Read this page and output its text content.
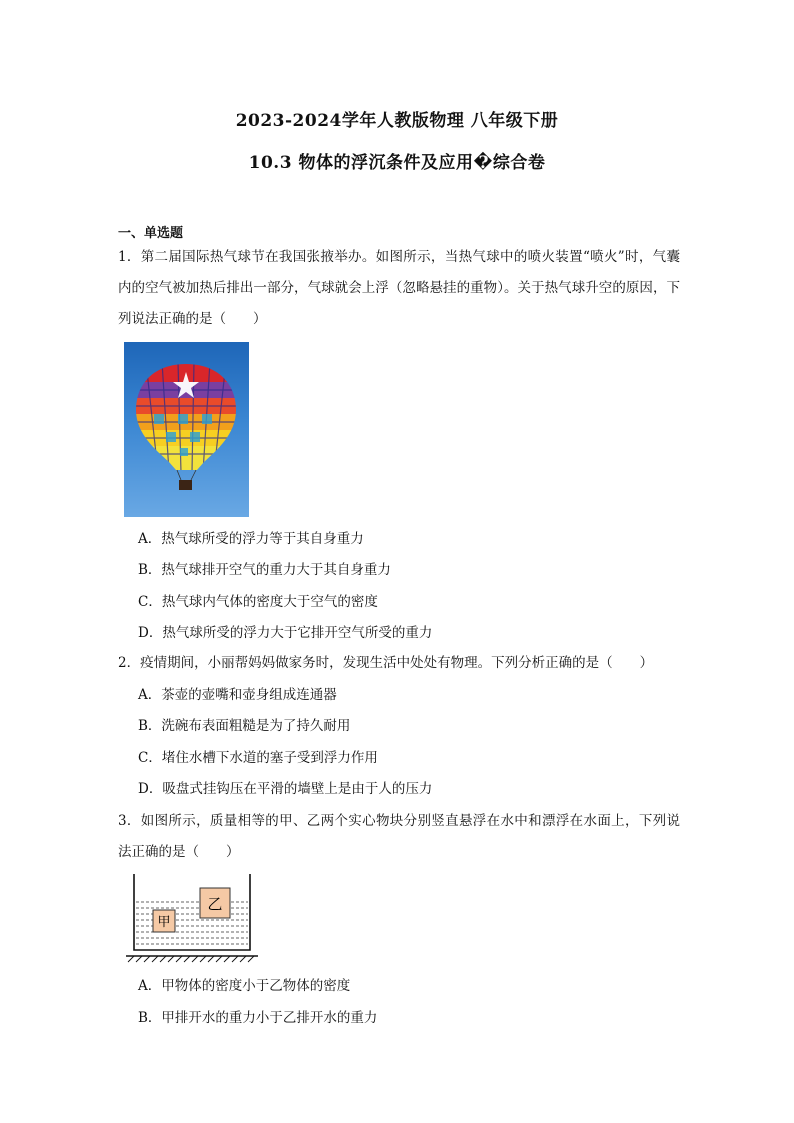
2023-2024学年人教版物理 八年级下册
10.3 物体的浮沉条件及应用�综合卷
一、单选题
1．第二届国际热气球节在我国张掖举办。如图所示，当热气球中的喷火装置“喷火”时，气囊内的空气被加热后排出一部分，气球就会上浮（忽略悬挂的重物）。关于热气球升空的原因，下列说法正确的是（　　）
A．热气球所受的浮力等于其自身重力
B．热气球排开空气的重力大于其自身重力
C．热气球内气体的密度大于空气的密度
D．热气球所受的浮力大于它排开空气所受的重力
2．疫情期间，小丽帮妈妈做家务时，发现生活中处处有物理。下列分析正确的是（　　）
A．茶壶的壶嘴和壶身组成连通器
B．洗碗布表面粗糙是为了持久耐用
C．堵住水槽下水道的塞子受到浮力作用
D．吸盘式挂钩压在平滑的墙壁上是由于人的压力
3．如图所示，质量相等的甲、乙两个实心物块分别竖直悬浮在水中和漂浮在水面上，下列说法正确的是（　　）
甲
乙
A．甲物体的密度小于乙物体的密度
B．甲排开水的重力小于乙排开水的重力
